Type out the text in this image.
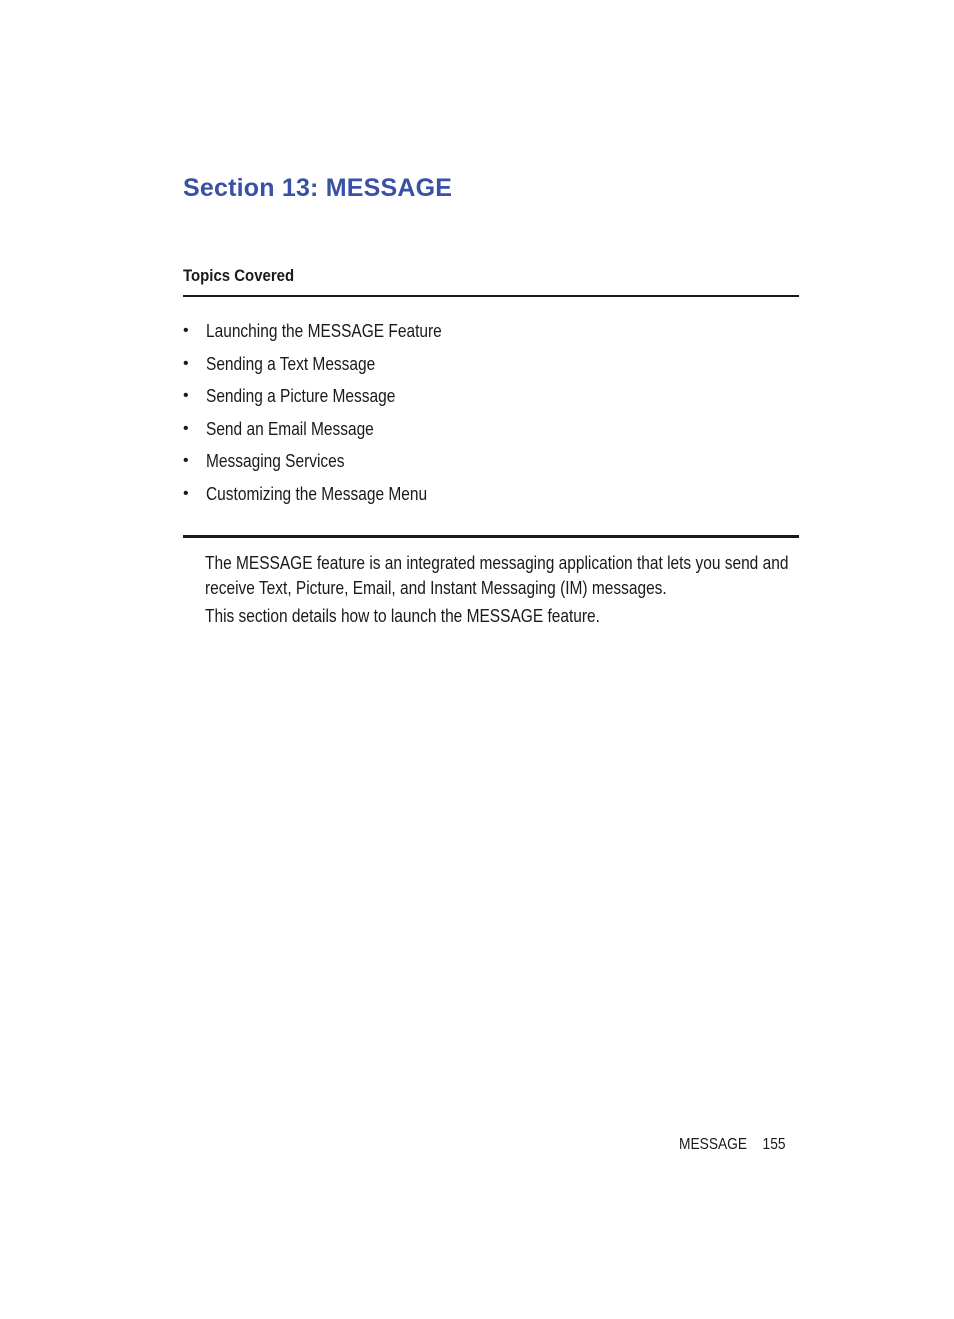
Section 13: MESSAGE
Topics Covered
• Launching the MESSAGE Feature
• Sending a Text Message
• Sending a Picture Message
• Send an Email Message
• Messaging Services
• Customizing the Message Menu

The MESSAGE feature is an integrated messaging application that lets you send and receive Text, Picture, Email, and Instant Messaging (IM) messages.

This section details how to launch the MESSAGE feature.

MESSAGE 155
